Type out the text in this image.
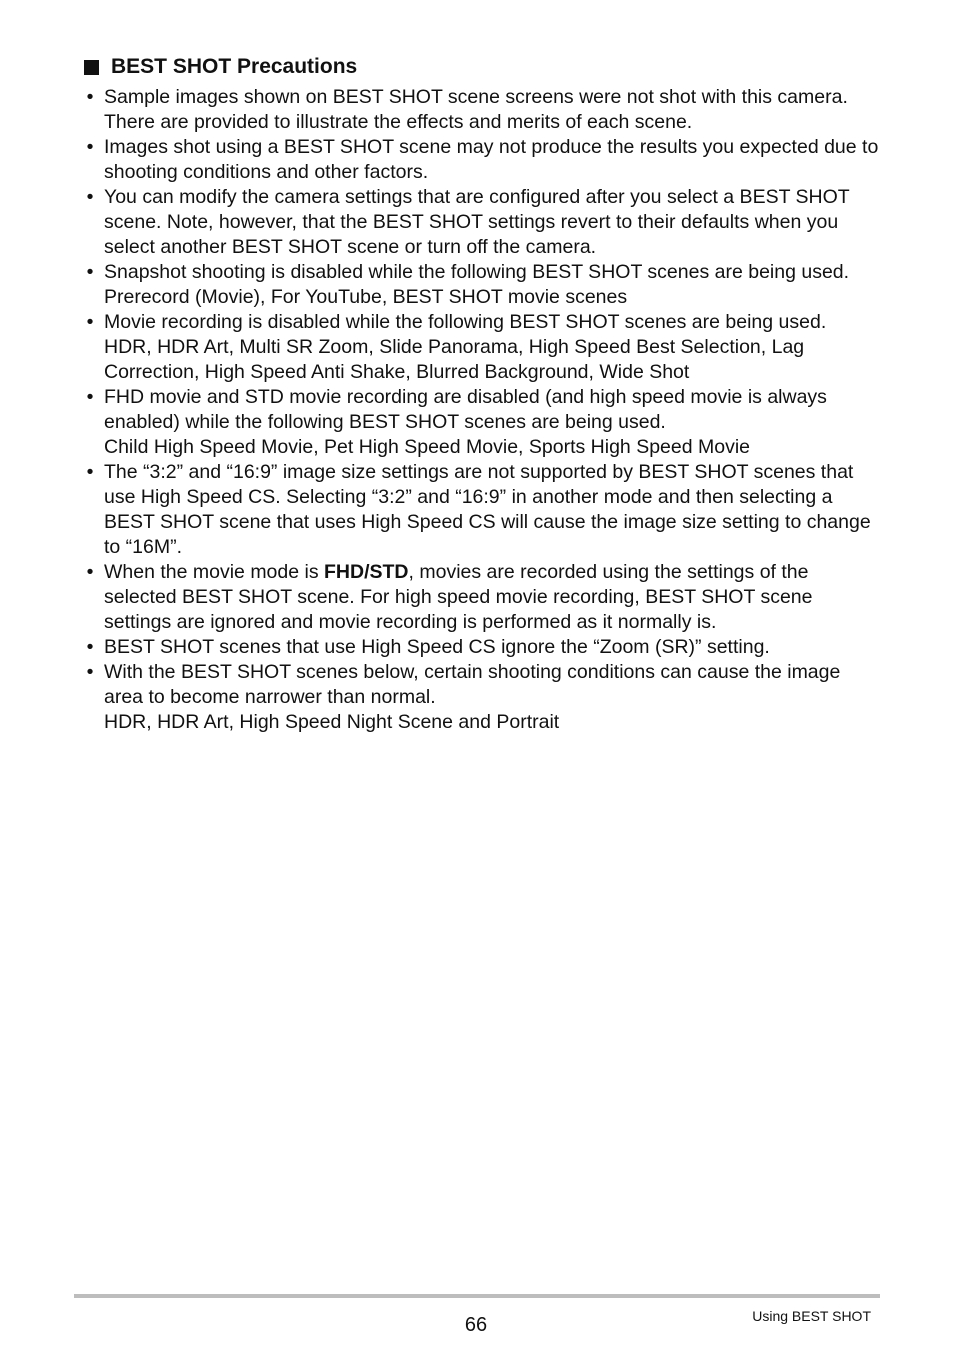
BEST SHOT Precautions
• Sample images shown on BEST SHOT scene screens were not shot with this camera. There are provided to illustrate the effects and merits of each scene.
• Images shot using a BEST SHOT scene may not produce the results you expected due to shooting conditions and other factors.
• You can modify the camera settings that are configured after you select a BEST SHOT scene. Note, however, that the BEST SHOT settings revert to their defaults when you select another BEST SHOT scene or turn off the camera.
• Snapshot shooting is disabled while the following BEST SHOT scenes are being used.
Prerecord (Movie), For YouTube, BEST SHOT movie scenes
• Movie recording is disabled while the following BEST SHOT scenes are being used.
HDR, HDR Art, Multi SR Zoom, Slide Panorama, High Speed Best Selection, Lag Correction, High Speed Anti Shake, Blurred Background, Wide Shot
• FHD movie and STD movie recording are disabled (and high speed movie is always enabled) while the following BEST SHOT scenes are being used.
Child High Speed Movie, Pet High Speed Movie, Sports High Speed Movie
• The “3:2” and “16:9” image size settings are not supported by BEST SHOT scenes that use High Speed CS. Selecting “3:2” and “16:9” in another mode and then selecting a BEST SHOT scene that uses High Speed CS will cause the image size setting to change to “16M”.
• When the movie mode is FHD/STD, movies are recorded using the settings of the selected BEST SHOT scene. For high speed movie recording, BEST SHOT scene settings are ignored and movie recording is performed as it normally is.
• BEST SHOT scenes that use High Speed CS ignore the “Zoom (SR)” setting.
• With the BEST SHOT scenes below, certain shooting conditions can cause the image area to become narrower than normal.
HDR, HDR Art, High Speed Night Scene and Portrait
66	Using BEST SHOT
